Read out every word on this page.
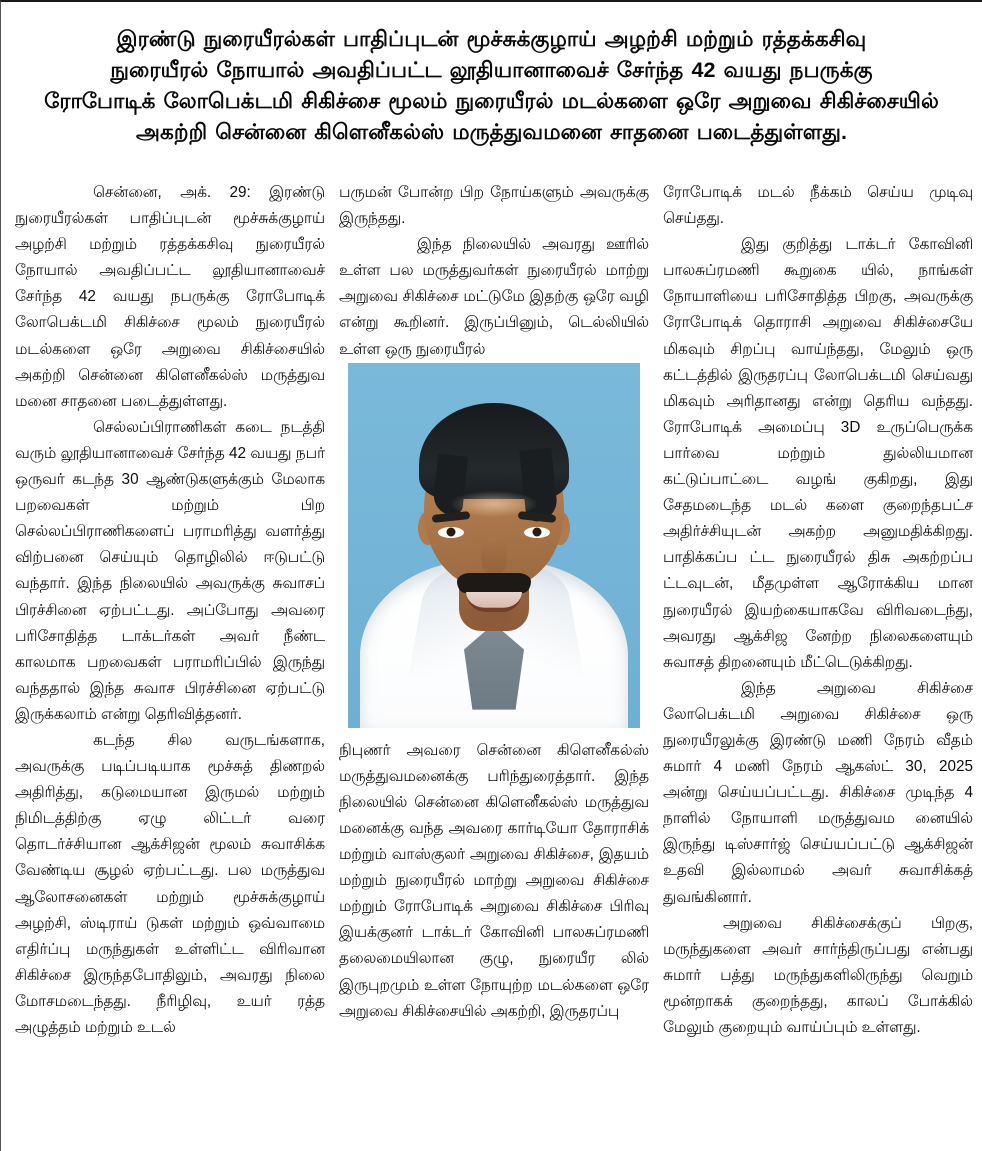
இரண்டு நுரையீரல்கள் பாதிப்புடன் மூச்சுக்குழாய் அழற்சி மற்றும் ரத்தக்கசிவு
நுரையீரல் நோயால் அவதிப்பட்ட லூதியானாவைச் சேர்ந்த 42 வயது நபருக்கு
ரோபோடிக் லோபெக்டமி சிகிச்சை மூலம் நுரையீரல் மடல்களை ஒரே அறுவை சிகிச்சையில்
அகற்றி சென்னை கிளெனீகல்ஸ் மருத்துவமனை சாதனை படைத்துள்ளது.

சென்னை, அக். 29: இரண்டு நுரையீரல்கள் பாதிப்புடன் மூச்சுக்குழாய் அழற்சி மற்றும் ரத்தக்கசிவு நுரையீரல் நோயால் அவதிப்பட்ட லூதியானாவைச் சேர்ந்த 42 வயது நபருக்கு ரோபோடிக் லோபெக்டமி சிகிச்சை மூலம் நுரையீரல் மடல்களை ஒரே அறுவை சிகிச்சையில் அகற்றி சென்னை கிளெனீகல்ஸ் மருத்துவ மனை சாதனை படைத்துள்ளது.

செல்லப்பிராணிகள் கடை நடத்தி வரும் லூதியானாவைச் சேர்ந்த 42 வயது நபர் ஒருவர் கடந்த 30 ஆண்டுகளுக்கும் மேலாக பறவைகள் மற்றும் பிற செல்லப்பிராணிகளைப் பராமரித்து வளர்த்து விற்பனை செய்யும் தொழிலில் ஈடுபட்டு வந்தார். இந்த நிலையில் அவருக்கு சுவாசப் பிரச்சினை ஏற்பட்டது. அப்போது அவரை பரிசோதித்த டாக்டர்கள் அவர் நீண்ட காலமாக பறவைகள் பராமரிப்பில் இருந்து வந்ததால் இந்த சுவாச பிரச்சினை ஏற்பட்டு இருக்கலாம் என்று தெரிவித்தனர்.

கடந்த சில வருடங்களாக, அவருக்கு படிப்படியாக மூச்சுத் திணறல் அதிரித்து, கடுமையான இருமல் மற்றும் நிமிடத்திற்கு ஏழு லிட்டர் வரை தொடர்ச்சியான ஆக்சிஜன் மூலம் சுவாசிக்க வேண்டிய சூழல் ஏற்பட்டது. பல மருத்துவ ஆலோசனைகள் மற்றும் மூச்சுக்குழாய் அழற்சி, ஸ்டிராய் டுகள் மற்றும் ஒவ்வாமை எதிர்ப்பு மருந்துகள் உள்ளிட்ட விரிவான சிகிச்சை இருந்தபோதிலும், அவரது நிலை மோசமடைந்தது. நீரிழிவு, உயர் ரத்த அழுத்தம் மற்றும் உடல்

பருமன் போன்ற பிற நோய்களும் அவருக்கு இருந்தது.

இந்த நிலையில் அவரது ஊரில் உள்ள பல மருத்துவர்கள் நுரையீரல் மாற்று அறுவை சிகிச்சை மட்டுமே இதற்கு ஒரே வழி என்று கூறினர். இருப்பினும், டெல்லியில் உள்ள ஒரு நுரையீரல்

நிபுணர் அவரை சென்னை கிளெனீகல்ஸ் மருத்துவமனைக்கு பரிந்துரைத்தார். இந்த நிலையில் சென்னை கிளெனீகல்ஸ் மருத்துவ மனைக்கு வந்த அவரை கார்டியோ தோராசிக் மற்றும் வாஸ்குலர் அறுவை சிகிச்சை, இதயம் மற்றும் நுரையீரல் மாற்று அறுவை சிகிச்சை மற்றும் ரோபோடிக் அறுவை சிகிச்சை பிரிவு இயக்குனர் டாக்டர் கோவினி பாலசுப்ரமணி தலைமையிலான குழு, நுரையீர லில் இருபுறமும் உள்ள நோயுற்ற மடல்களை ஒரே அறுவை சிகிச்சையில் அகற்றி, இருதரப்பு

ரோபோடிக் மடல் நீக்கம் செய்ய முடிவு செய்தது.

இது குறித்து டாக்டர் கோவினி பாலசுப்ரமணி கூறுகை யில், நாங்கள் நோயாளியை பரிசோதித்த பிறகு, அவருக்கு ரோபோடிக் தொராசி அறுவை சிகிச்சையே மிகவும் சிறப்பு வாய்ந்தது, மேலும் ஒரு கட்டத்தில் இருதரப்பு லோபெக்டமி செய்வது மிகவும் அரிதானது என்று தெரிய வந்தது. ரோபோடிக் அமைப்பு 3D உருப்பெருக்க பார்வை மற்றும் துல்லியமான கட்டுப்பாட்டை வழங் குகிறது, இது சேதமடைந்த மடல் களை குறைந்தபட்ச அதிர்ச்சியுடன் அகற்ற அனுமதிக்கிறது. பாதிக்கப்ப ட்ட நுரையீரல் திசு அகற்றப்ப ட்டவுடன், மீதமுள்ள ஆரோக்கிய மான நுரையீரல் இயற்கையாகவே விரிவடைந்து, அவரது ஆக்சிஜ னேற்ற நிலைகளையும் சுவாசத் திறனையும் மீட்டெடுக்கிறது.

இந்த அறுவை சிகிச்சை லோபெக்டமி அறுவை சிகிச்சை ஒரு நுரையீரலுக்கு இரண்டு மணி நேரம் வீதம் சுமார் 4 மணி நேரம் ஆகஸ்ட் 30, 2025 அன்று செய்யப்பட்டது. சிகிச்சை முடிந்த 4 நாளில் நோயாளி மருத்துவம னையில் இருந்து டிஸ்சார்ஜ் செய்யப்பட்டு ஆக்சிஜன் உதவி இல்லாமல் அவர் சுவாசிக்கத் துவங்கினார்.

அறுவை சிகிச்சைக்குப் பிறகு, மருந்துகளை அவர் சார்ந்திருப்பது என்பது சுமார் பத்து மருந்துகளிலிருந்து வெறும் மூன்றாகக் குறைந்தது, காலப் போக்கில் மேலும் குறையும் வாய்ப்பும் உள்ளது.
